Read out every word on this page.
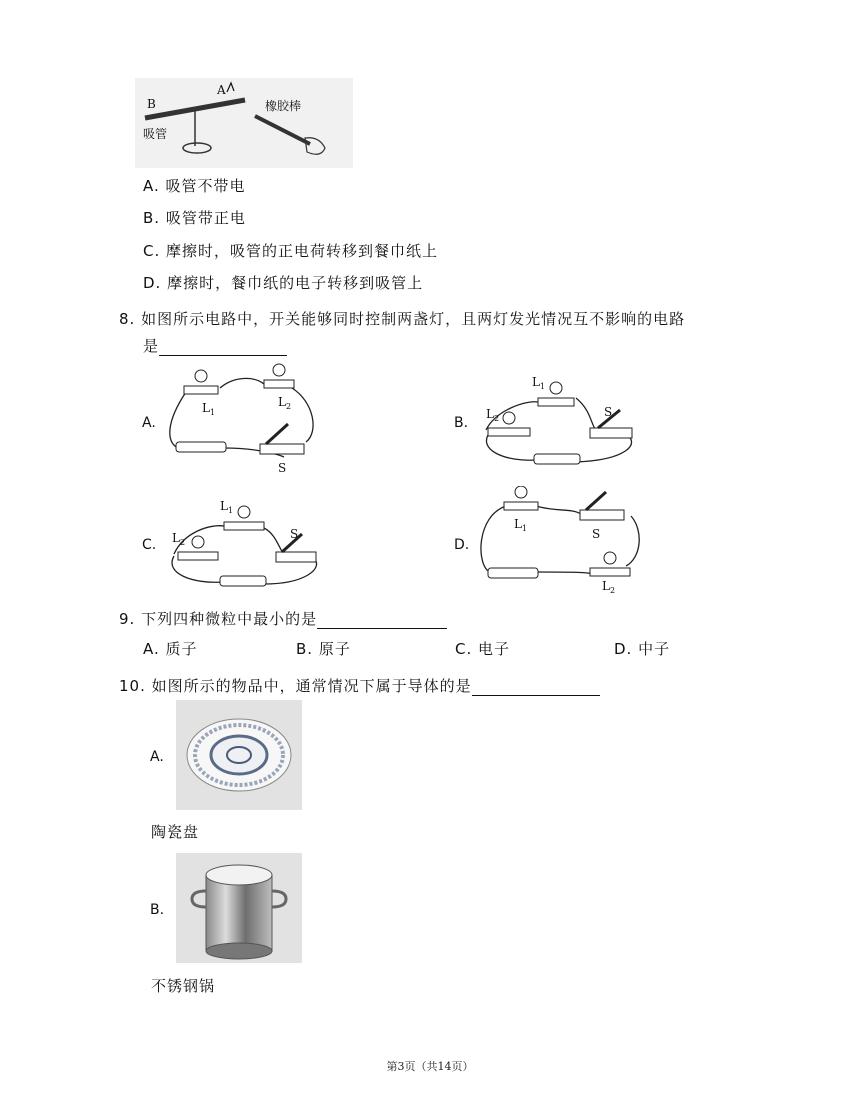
B
A
吸管
橡胶棒
A. 吸管不带电
B. 吸管带正电
C. 摩擦时，吸管的正电荷转移到餐巾纸上
D. 摩擦时，餐巾纸的电子转移到吸管上
8. 如图所示电路中，开关能够同时控制两盏灯，且两灯发光情况互不影响的电路
是
A.
$L_1$
$L_2$
S
B.
$L_1$
$L_2$	S
C.
$L_1$
$L_2$
S
D.
$L_1$	S
$L_2$
9. 下列四种微粒中最小的是
A. 质子	B. 原子	C. 电子	D. 中子
10. 如图所示的物品中，通常情况下属于导体的是
A.
陶瓷盘
B.
不锈钢锅
第3页（共14页）
